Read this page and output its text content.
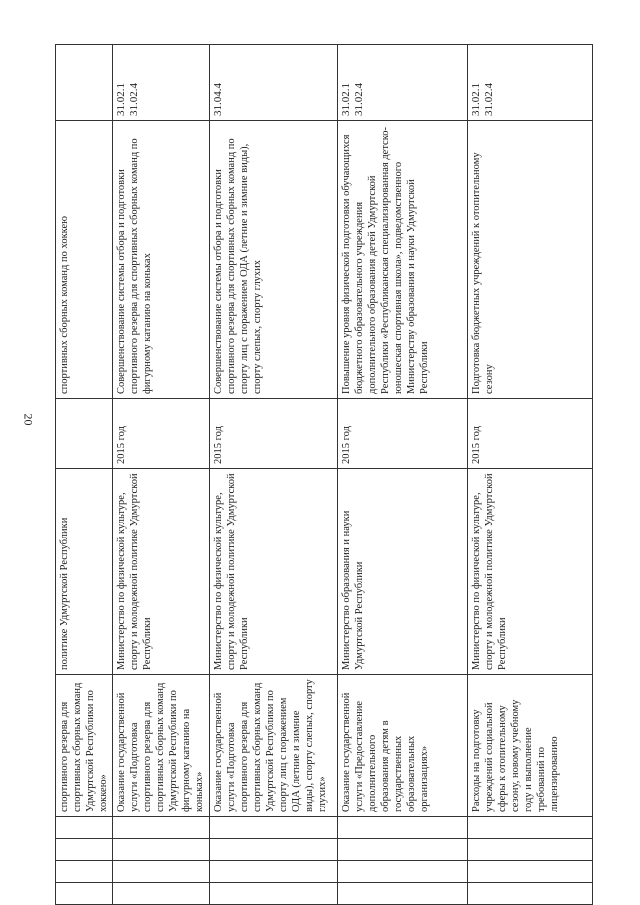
20
				спортивного резерва для спортивных сборных команд Удмуртской Республики по хоккею»	политике Удмуртской Республики		спортивных сборных команд по хоккею	
				Оказание государственной услуги «Подготовка спортивного резерва для спортивных сборных команд Удмуртской Республики по фигурному катанию на коньках»	Министерство по физической культуре, спорту и молодежной политике Удмуртской Республики	2015 год	Совершенствование системы отбора и подготовки спортивного резерва для спортивных сборных команд по фигурному катанию на коньках	31.02.1 31.02.4

				Оказание государственной услуги «Подготовка спортивного резерва для спортивных сборных команд Удмуртской Республики по спорту лиц с поражением ОДА (летние и зимние виды), спорту слепых, спорту глухих»	Министерство по физической культуре, спорту и молодежной политике Удмуртской Республики	2015 год	Совершенствование системы отбора и подготовки спортивного резерва для спортивных сборных команд по спорту лиц с поражением ОДА (летние и зимние виды), спорту слепых, спорту глухих	31.04.4

				Оказание государственной услуги «Предоставление дополнительного образования детям в государственных образовательных организациях»	Министерство образования и науки Удмуртской Республики	2015 год	Повышение уровня физической подготовки обучающихся бюджетного образовательного учреждения дополнительного образования детей Удмуртской Республики «Республиканская специализированная детско-юношеская спортивная школа», подведомственного Министерству образования и науки Удмуртской Республики	31.02.1 31.02.4

				Расходы на подготовку учреждений социальной сферы к отопительному сезону, новому учебному году и выполнение требований по лицензированию	Министерство по физической культуре, спорту и молодежной политике Удмуртской Республики	2015 год	Подготовка бюджетных учреждений к отопительному сезону	31.02.1 31.02.4
